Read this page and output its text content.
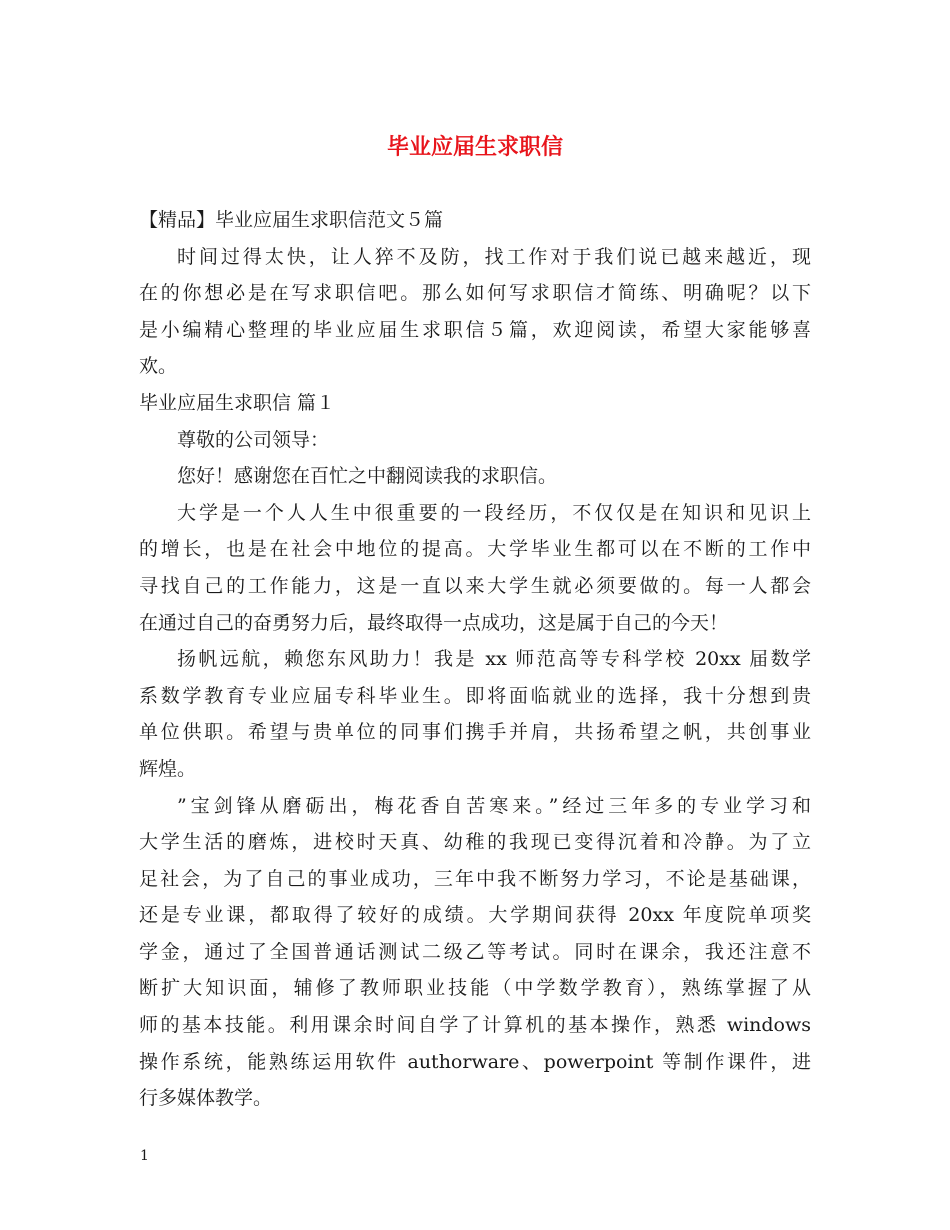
毕业应届生求职信
【精品】毕业应届生求职信范文５篇
时间过得太快，让人猝不及防，找工作对于我们说已越来越近，现
在的你想必是在写求职信吧。那么如何写求职信才简练、明确呢？以下
是小编精心整理的毕业应届生求职信５篇，欢迎阅读，希望大家能够喜
欢。
毕业应届生求职信 篇１
尊敬的公司领导：
您好！感谢您在百忙之中翻阅读我的求职信。
大学是一个人人生中很重要的一段经历，不仅仅是在知识和见识上
的增长，也是在社会中地位的提高。大学毕业生都可以在不断的工作中
寻找自己的工作能力，这是一直以来大学生就必须要做的。每一人都会
在通过自己的奋勇努力后，最终取得一点成功，这是属于自己的今天！
扬帆远航，赖您东风助力！我是 xx 师范高等专科学校 20xx 届数学
系数学教育专业应届专科毕业生。即将面临就业的选择，我十分想到贵
单位供职。希望与贵单位的同事们携手并肩，共扬希望之帆，共创事业
辉煌。
”宝剑锋从磨砺出，梅花香自苦寒来。”经过三年多的专业学习和
大学生活的磨炼，进校时天真、幼稚的我现已变得沉着和冷静。为了立
足社会，为了自己的事业成功，三年中我不断努力学习，不论是基础课，
还是专业课，都取得了较好的成绩。大学期间获得 20xx 年度院单项奖
学金，通过了全国普通话测试二级乙等考试。同时在课余，我还注意不
断扩大知识面，辅修了教师职业技能（中学数学教育），熟练掌握了从
师的基本技能。利用课余时间自学了计算机的基本操作，熟悉 windows
操作系统，能熟练运用软件 authorware、powerpoint 等制作课件，进
行多媒体教学。
1
